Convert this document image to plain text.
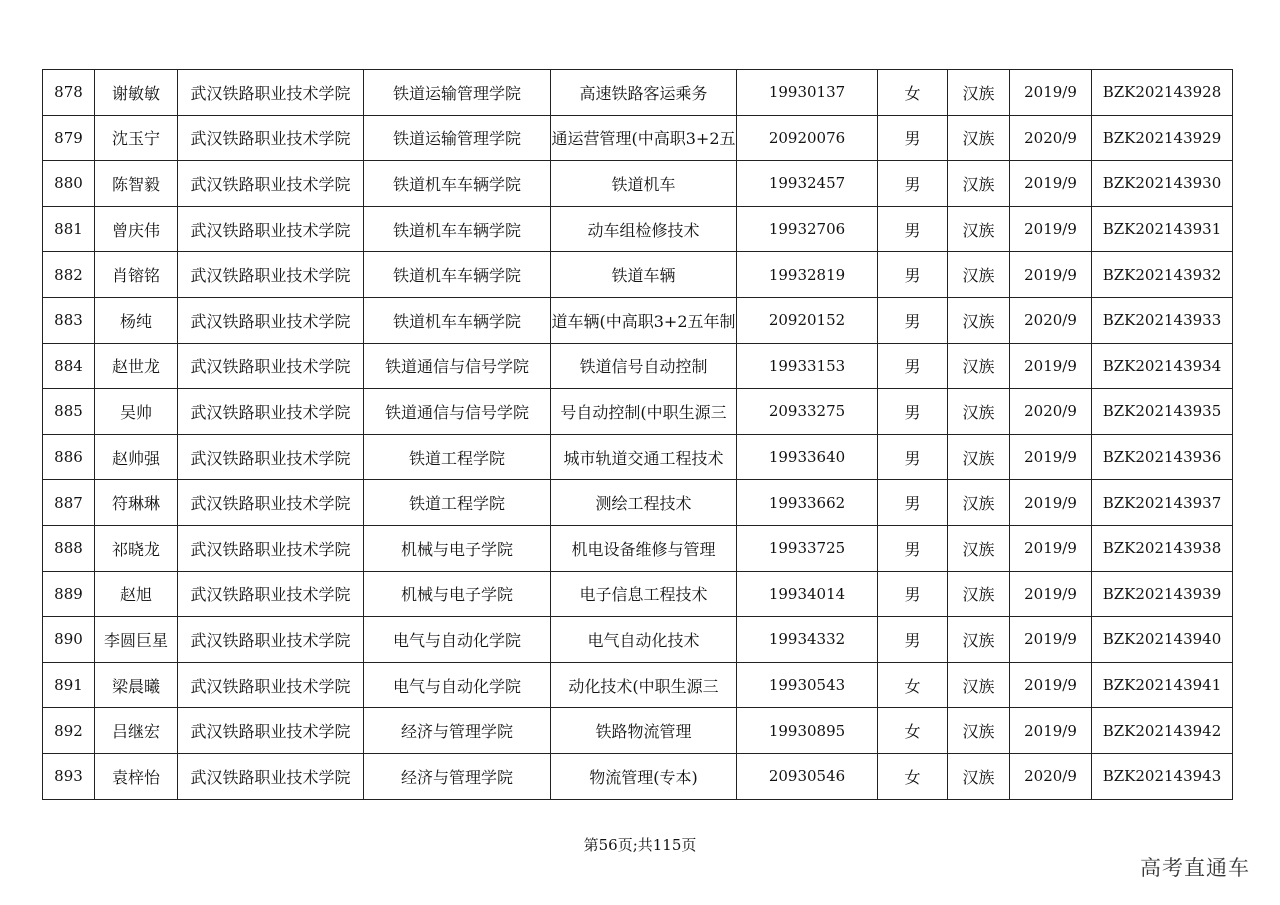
878	谢敏敏	武汉铁路职业技术学院	铁道运输管理学院	高速铁路客运乘务	19930137	女	汉族	2019/9	BZK202143928
879	沈玉宁	武汉铁路职业技术学院	铁道运输管理学院	通运营管理(中高职3+2五	20920076	男	汉族	2020/9	BZK202143929
880	陈智毅	武汉铁路职业技术学院	铁道机车车辆学院	铁道机车	19932457	男	汉族	2019/9	BZK202143930
881	曾庆伟	武汉铁路职业技术学院	铁道机车车辆学院	动车组检修技术	19932706	男	汉族	2019/9	BZK202143931
882	肖镕铭	武汉铁路职业技术学院	铁道机车车辆学院	铁道车辆	19932819	男	汉族	2019/9	BZK202143932
883	杨纯	武汉铁路职业技术学院	铁道机车车辆学院	道车辆(中高职3+2五年制	20920152	男	汉族	2020/9	BZK202143933
884	赵世龙	武汉铁路职业技术学院	铁道通信与信号学院	铁道信号自动控制	19933153	男	汉族	2019/9	BZK202143934
885	吴帅	武汉铁路职业技术学院	铁道通信与信号学院	号自动控制(中职生源三	20933275	男	汉族	2020/9	BZK202143935
886	赵帅强	武汉铁路职业技术学院	铁道工程学院	城市轨道交通工程技术	19933640	男	汉族	2019/9	BZK202143936
887	符琳琳	武汉铁路职业技术学院	铁道工程学院	测绘工程技术	19933662	男	汉族	2019/9	BZK202143937
888	祁晓龙	武汉铁路职业技术学院	机械与电子学院	机电设备维修与管理	19933725	男	汉族	2019/9	BZK202143938
889	赵旭	武汉铁路职业技术学院	机械与电子学院	电子信息工程技术	19934014	男	汉族	2019/9	BZK202143939
890	李圆巨星	武汉铁路职业技术学院	电气与自动化学院	电气自动化技术	19934332	男	汉族	2019/9	BZK202143940
891	梁晨曦	武汉铁路职业技术学院	电气与自动化学院	动化技术(中职生源三	19930543	女	汉族	2019/9	BZK202143941
892	吕继宏	武汉铁路职业技术学院	经济与管理学院	铁路物流管理	19930895	女	汉族	2019/9	BZK202143942
893	袁梓怡	武汉铁路职业技术学院	经济与管理学院	物流管理(专本)	20930546	女	汉族	2020/9	BZK202143943
第56页;共115页
高考直通车
